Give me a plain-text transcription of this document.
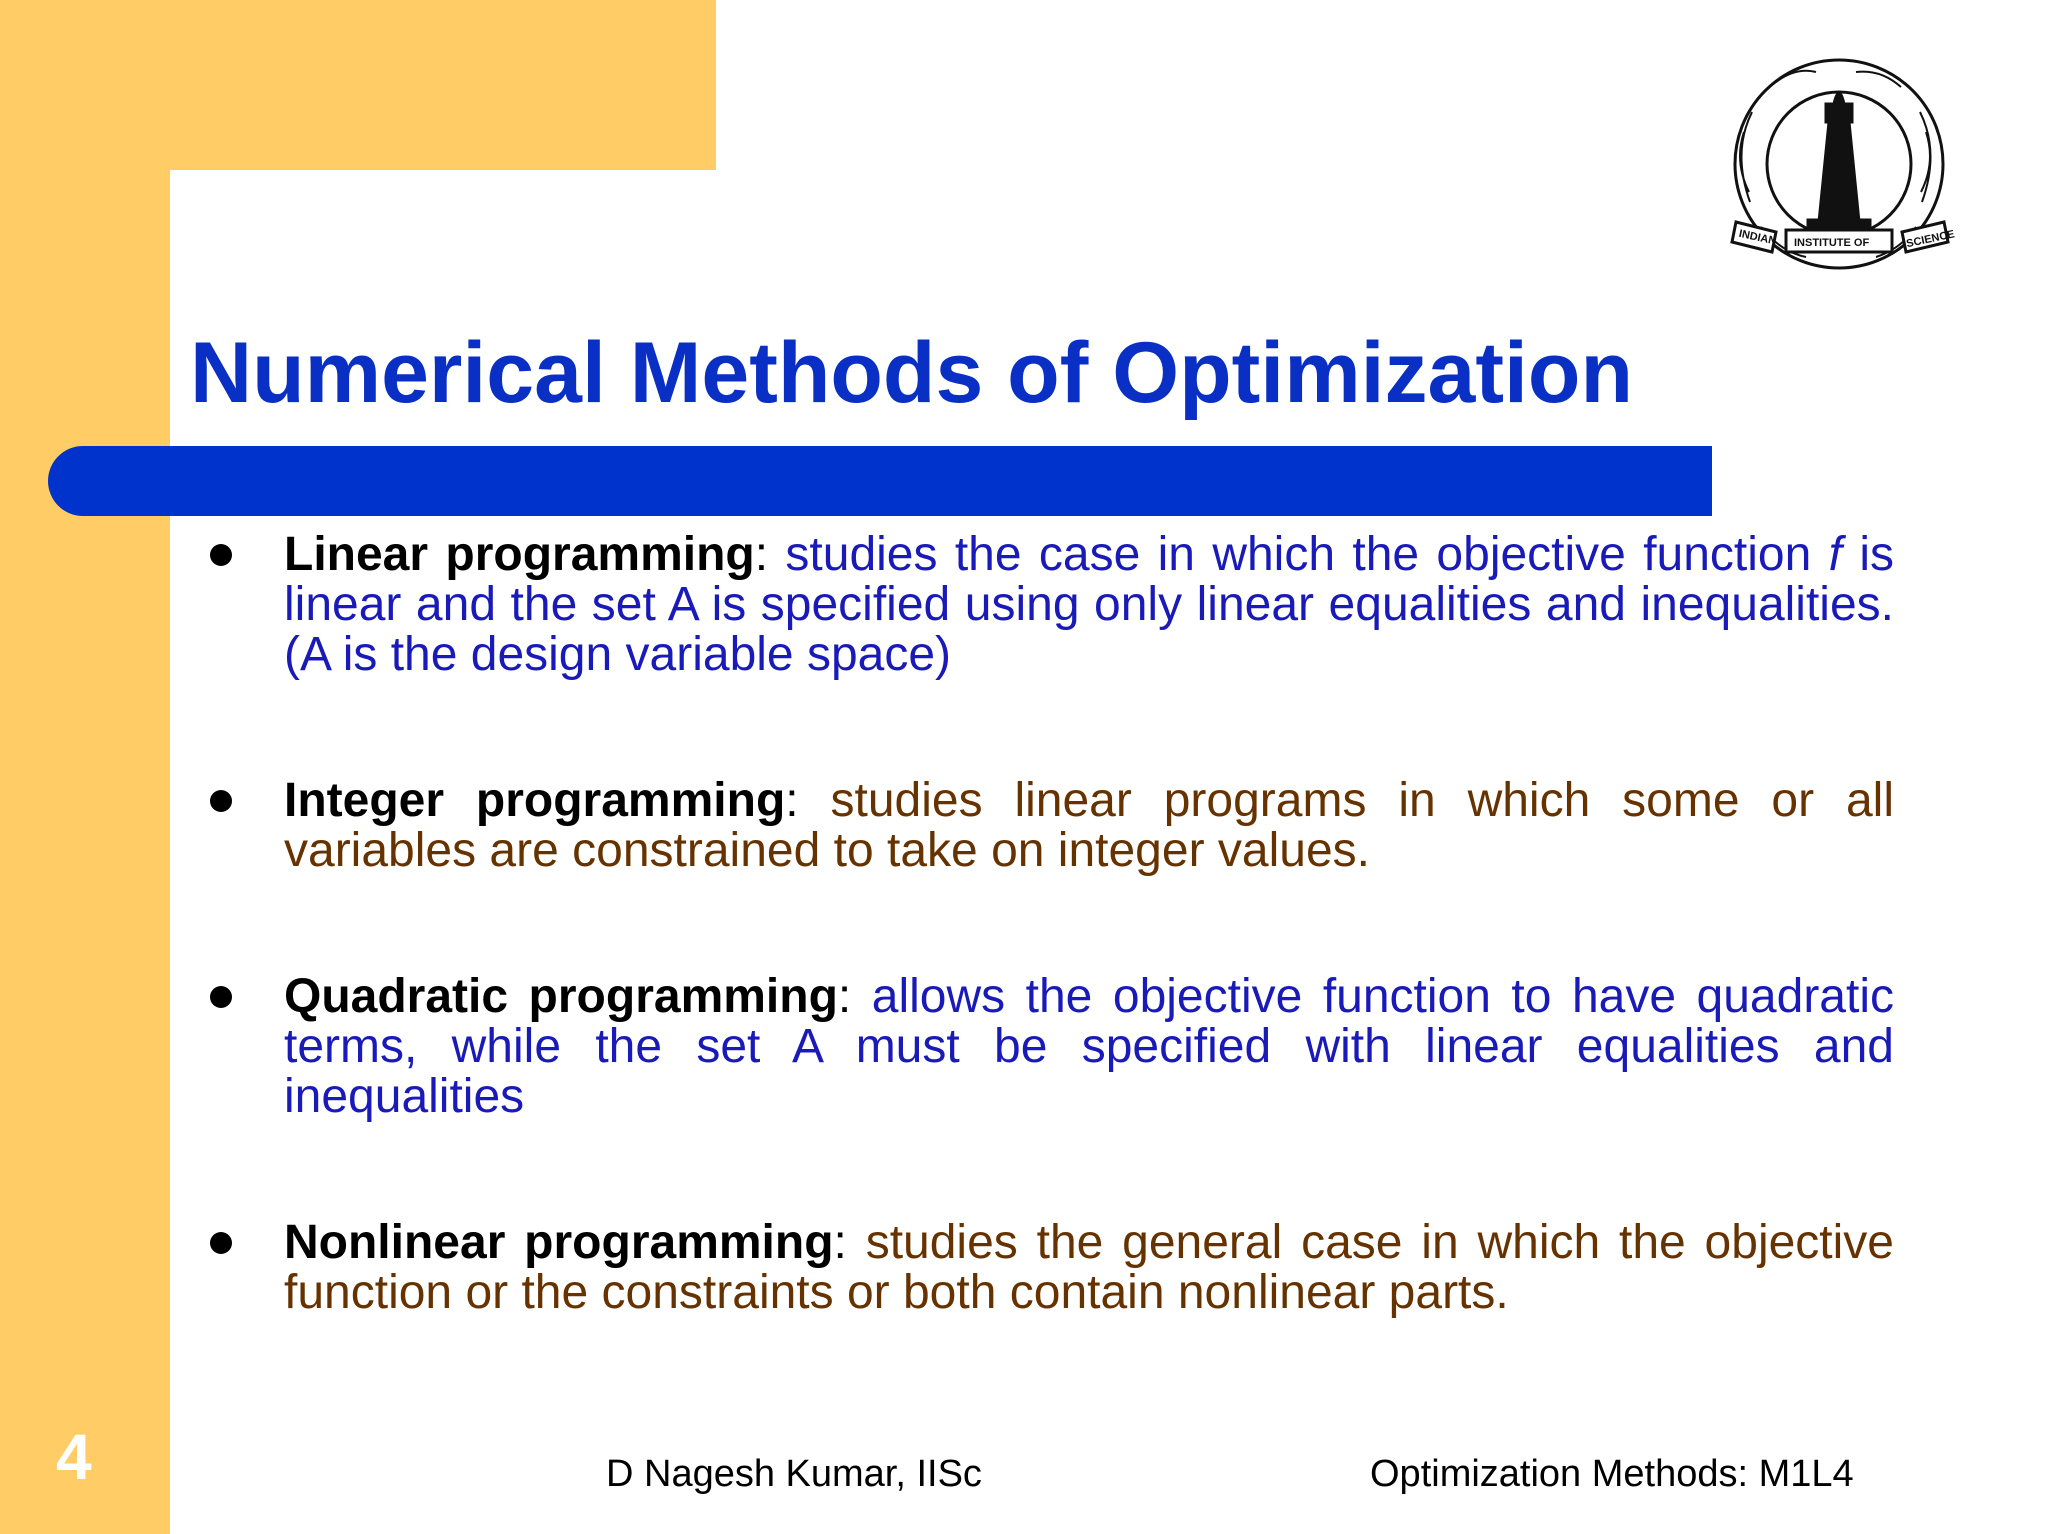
INDIAN INSTITUTE OF	SCIENCE
Numerical Methods of Optimization
Linear programming: studies the case in which the objective function f is linear and the set A is specified using only linear equalities and inequalities. (A is the design variable space)
Integer programming: studies linear programs in which some or all variables are constrained to take on integer values.
Quadratic programming: allows the objective function to have quadratic terms, while the set A must be specified with linear equalities and inequalities
Nonlinear programming: studies the general case in which the objective function or the constraints or both contain nonlinear parts.
4	D Nagesh Kumar, IISc	Optimization Methods: M1L4
